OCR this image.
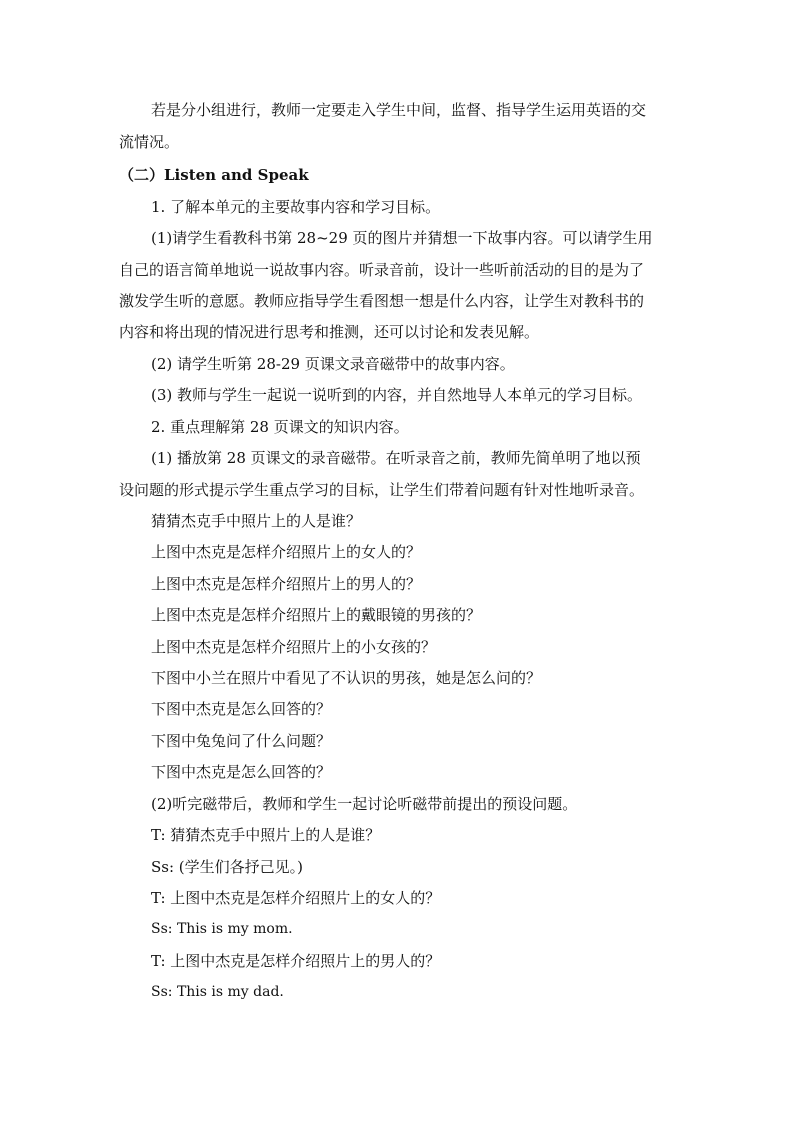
若是分小组进行，教师一定要走入学生中间，监督、指导学生运用英语的交
流情况。
（二）Listen and Speak
1. 了解本单元的主要故事内容和学习目标。
(1)请学生看教科书第 28~29 页的图片并猜想一下故事内容。可以请学生用
自己的语言简单地说一说故事内容。听录音前，设计一些听前活动的目的是为了
激发学生听的意愿。教师应指导学生看图想一想是什么内容，让学生对教科书的
内容和将出现的情况进行思考和推测，还可以讨论和发表见解。
(2) 请学生听第 28-29 页课文录音磁带中的故事内容。
(3) 教师与学生一起说一说听到的内容，并自然地导人本单元的学习目标。
2. 重点理解第 28 页课文的知识内容。
(1) 播放第 28 页课文的录音磁带。在听录音之前，教师先简单明了地以预
设问题的形式提示学生重点学习的目标，让学生们带着问题有针对性地听录音。
猜猜杰克手中照片上的人是谁？
上图中杰克是怎样介绍照片上的女人的？
上图中杰克是怎样介绍照片上的男人的？
上图中杰克是怎样介绍照片上的戴眼镜的男孩的？
上图中杰克是怎样介绍照片上的小女孩的？
下图中小兰在照片中看见了不认识的男孩，她是怎么问的？
下图中杰克是怎么回答的？
下图中兔兔问了什么问题？
下图中杰克是怎么回答的？
(2)听完磁带后，教师和学生一起讨论听磁带前提出的预设问题。
T: 猜猜杰克手中照片上的人是谁？
Ss: (学生们各抒己见。)
T: 上图中杰克是怎样介绍照片上的女人的？
Ss: This is my mom.
T: 上图中杰克是怎样介绍照片上的男人的？
Ss: This is my dad.
